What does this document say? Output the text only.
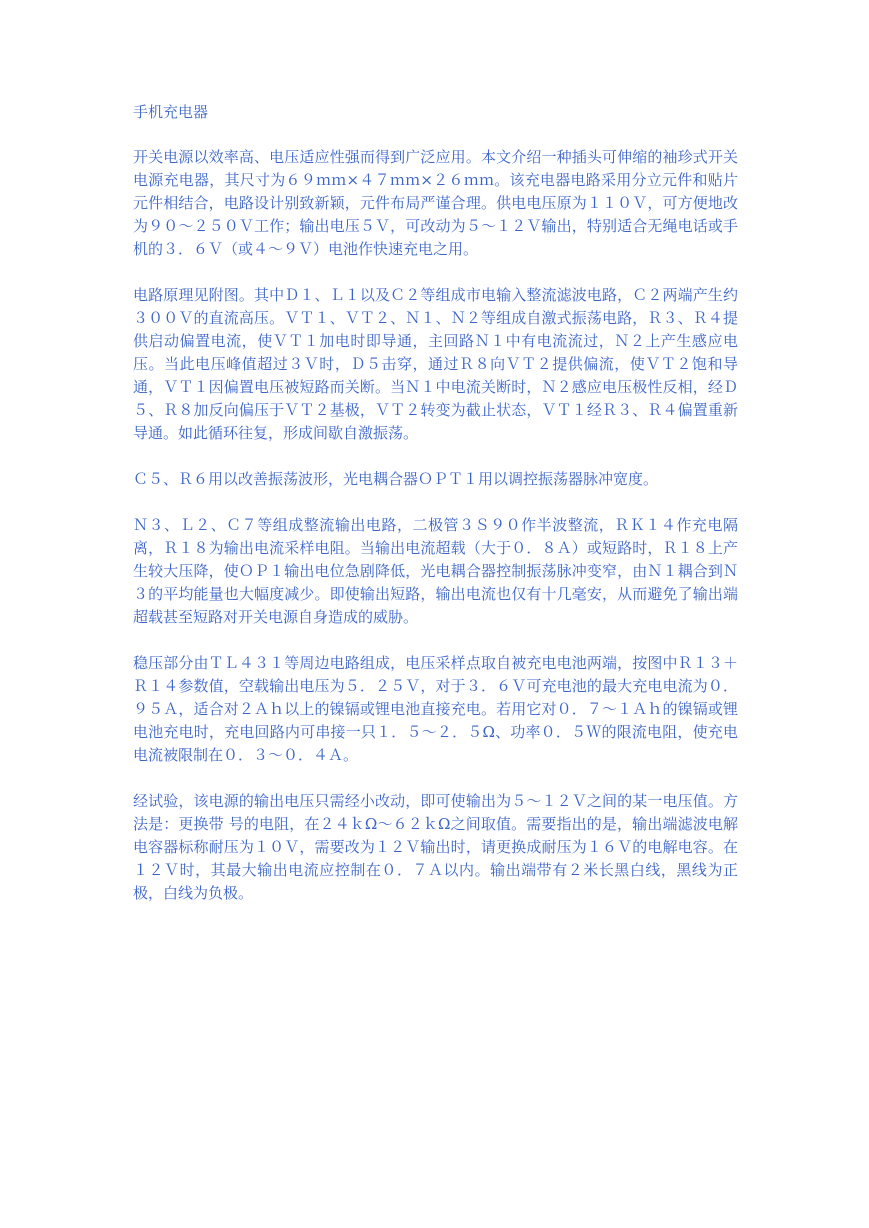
手机充电器

开关电源以效率高、电压适应性强而得到广泛应用。本文介绍一种插头可伸缩的袖珍式开关电源充电器，其尺寸为６９ｍｍ×４７ｍｍ×２６ｍｍ。该充电器电路采用分立元件和贴片元件相结合，电路设计别致新颖，元件布局严谨合理。供电电压原为１１０Ｖ，可方便地改为９０～２５０Ｖ工作；输出电压５Ｖ，可改动为５～１２Ｖ输出，特别适合无绳电话或手机的３．６Ｖ（或４～９Ｖ）电池作快速充电之用。

电路原理见附图。其中Ｄ１、Ｌ１以及Ｃ２等组成市电输入整流滤波电路，Ｃ２两端产生约３００Ｖ的直流高压。ＶＴ１、ＶＴ２、Ｎ１、Ｎ２等组成自激式振荡电路，Ｒ３、Ｒ４提供启动偏置电流，使ＶＴ１加电时即导通，主回路Ｎ１中有电流流过，Ｎ２上产生感应电压。当此电压峰值超过３Ｖ时，Ｄ５击穿，通过Ｒ８向ＶＴ２提供偏流，使ＶＴ２饱和导通，ＶＴ１因偏置电压被短路而关断。当Ｎ１中电流关断时，Ｎ２感应电压极性反相，经Ｄ５、Ｒ８加反向偏压于ＶＴ２基极，ＶＴ２转变为截止状态，ＶＴ１经Ｒ３、Ｒ４偏置重新导通。如此循环往复，形成间歇自激振荡。

Ｃ５、Ｒ６用以改善振荡波形，光电耦合器ＯＰＴ１用以调控振荡器脉冲宽度。

Ｎ３、Ｌ２、Ｃ７等组成整流输出电路，二极管３Ｓ９０作半波整流，ＲＫ１４作充电隔离，Ｒ１８为输出电流采样电阻。当输出电流超载（大于０．８Ａ）或短路时，Ｒ１８上产生较大压降，使ＯＰ１输出电位急剧降低，光电耦合器控制振荡脉冲变窄，由Ｎ１耦合到Ｎ３的平均能量也大幅度减少。即使输出短路，输出电流也仅有十几毫安，从而避免了输出端超载甚至短路对开关电源自身造成的威胁。

稳压部分由ＴＬ４３１等周边电路组成，电压采样点取自被充电电池两端，按图中Ｒ１３＋Ｒ１４参数值，空载输出电压为５．２５Ｖ，对于３．６Ｖ可充电池的最大充电电流为０．９５Ａ，适合对２Ａｈ以上的镍镉或锂电池直接充电。若用它对０．７～１Ａｈ的镍镉或锂电池充电时，充电回路内可串接一只１．５～２．５Ω、功率０．５Ｗ的限流电阻，使充电电流被限制在０．３～０．４Ａ。

经试验，该电源的输出电压只需经小改动，即可使输出为５～１２Ｖ之间的某一电压值。方法是：更换带 号的电阻，在２４ｋΩ～６２ｋΩ之间取值。需要指出的是，输出端滤波电解电容器标称耐压为１０Ｖ，需要改为１２Ｖ输出时，请更换成耐压为１６Ｖ的电解电容。在１２Ｖ时，其最大输出电流应控制在０．７Ａ以内。输出端带有２米长黑白线，黑线为正极，白线为负极。
